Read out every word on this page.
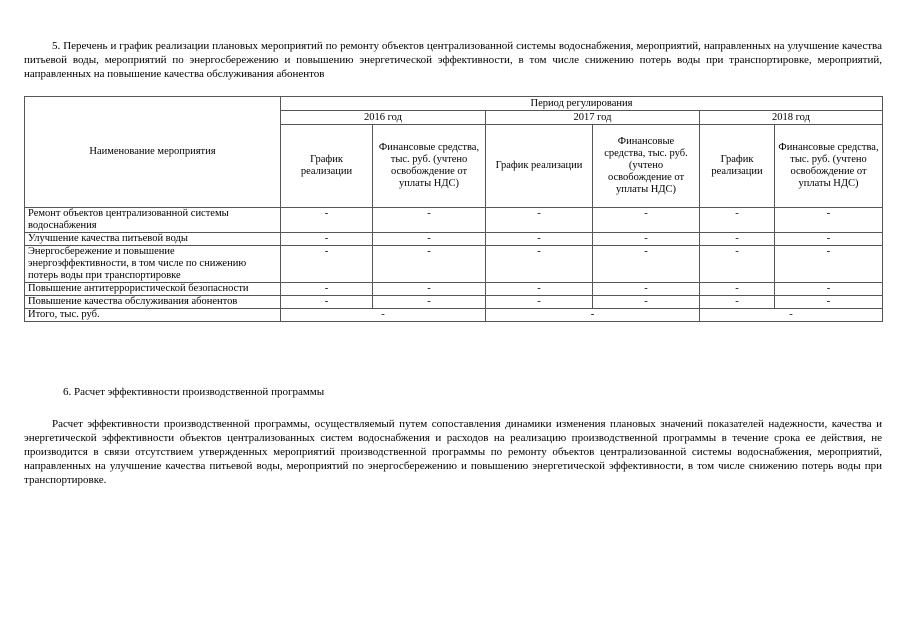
5. Перечень и график реализации плановых мероприятий по ремонту объектов централизованной системы водоснабжения, мероприятий, направленных на улучшение качества питьевой воды, мероприятий по энергосбережению и повышению энергетической эффективности, в том числе снижению потерь воды при транспортировке, мероприятий, направленных на повышение качества обслуживания абонентов

Наименование мероприятия	Период регулирования					
	2016 год		2017 год		2018 год	
	График реализации	Финансовые средства, тыс. руб. (учтено освобождение от уплаты НДС)	График реализации	Финансовые средства, тыс. руб. (учтено освобождение от уплаты НДС)	График реализации	Финансовые средства, тыс. руб. (учтено освобождение от уплаты НДС)
Ремонт объектов централизованной системы водоснабжения	-	-	-	-	-	-
Улучшение качества питьевой воды	-	-	-	-	-	-
Энергосбережение и повышение энергоэффективности, в том числе по снижению потерь воды при транспортировке	-	-	-	-	-	-
Повышение антитеррористической безопасности	-	-	-	-	-	-
Повышение качества обслуживания абонентов	-	-	-	-	-	-
Итого, тыс. руб.	-		-		-	
6. Расчет эффективности производственной программы

Расчет эффективности производственной программы, осуществляемый путем сопоставления динамики изменения плановых значений показателей надежности, качества и энергетической эффективности объектов централизованных систем водоснабжения и расходов на реализацию производственной программы в течение срока ее действия, не производится в связи отсутствием утвержденных мероприятий производственной программы по ремонту объектов централизованной системы водоснабжения, мероприятий, направленных на улучшение качества питьевой воды, мероприятий по энергосбережению и повышению энергетической эффективности, в том числе снижению потерь воды при транспортировке.
